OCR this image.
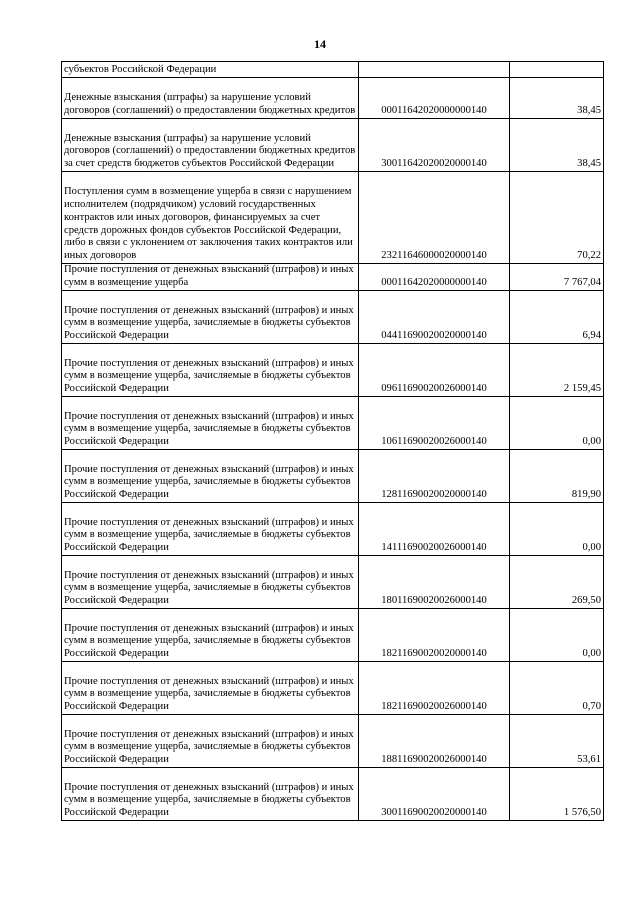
14
субъектов Российской Федерации		
Денежные взыскания (штрафы) за нарушение условий договоров (соглашений) о предоставлении бюджетных кредитов	00011642020000000140	38,45
Денежные взыскания (штрафы) за нарушение условий договоров (соглашений) о предоставлении бюджетных кредитов за счет средств бюджетов субъектов Российской Федерации	30011642020020000140	38,45
Поступления сумм в возмещение ущерба в связи с нарушением исполнителем (подрядчиком) условий государственных контрактов или иных договоров, финансируемых за счет средств дорожных фондов субъектов Российской Федерации, либо в связи с уклонением от заключения таких контрактов или иных договоров	23211646000020000140	70,22
Прочие поступления от денежных взысканий (штрафов) и иных сумм в возмещение ущерба	00011642020000000140	7 767,04
Прочие поступления от денежных взысканий (штрафов) и иных сумм в возмещение ущерба, зачисляемые в бюджеты субъектов Российской Федерации	04411690020020000140	6,94
Прочие поступления от денежных взысканий (штрафов) и иных сумм в возмещение ущерба, зачисляемые в бюджеты субъектов Российской Федерации	09611690020026000140	2 159,45
Прочие поступления от денежных взысканий (штрафов) и иных сумм в возмещение ущерба, зачисляемые в бюджеты субъектов Российской Федерации	10611690020026000140	0,00
Прочие поступления от денежных взысканий (штрафов) и иных сумм в возмещение ущерба, зачисляемые в бюджеты субъектов Российской Федерации	12811690020020000140	819,90
Прочие поступления от денежных взысканий (штрафов) и иных сумм в возмещение ущерба, зачисляемые в бюджеты субъектов Российской Федерации	14111690020026000140	0,00
Прочие поступления от денежных взысканий (штрафов) и иных сумм в возмещение ущерба, зачисляемые в бюджеты субъектов Российской Федерации	18011690020026000140	269,50
Прочие поступления от денежных взысканий (штрафов) и иных сумм в возмещение ущерба, зачисляемые в бюджеты субъектов Российской Федерации	18211690020020000140	0,00
Прочие поступления от денежных взысканий (штрафов) и иных сумм в возмещение ущерба, зачисляемые в бюджеты субъектов Российской Федерации	18211690020026000140	0,70
Прочие поступления от денежных взысканий (штрафов) и иных сумм в возмещение ущерба, зачисляемые в бюджеты субъектов Российской Федерации	18811690020026000140	53,61
Прочие поступления от денежных взысканий (штрафов) и иных сумм в возмещение ущерба, зачисляемые в бюджеты субъектов Российской Федерации	30011690020020000140	1 576,50
